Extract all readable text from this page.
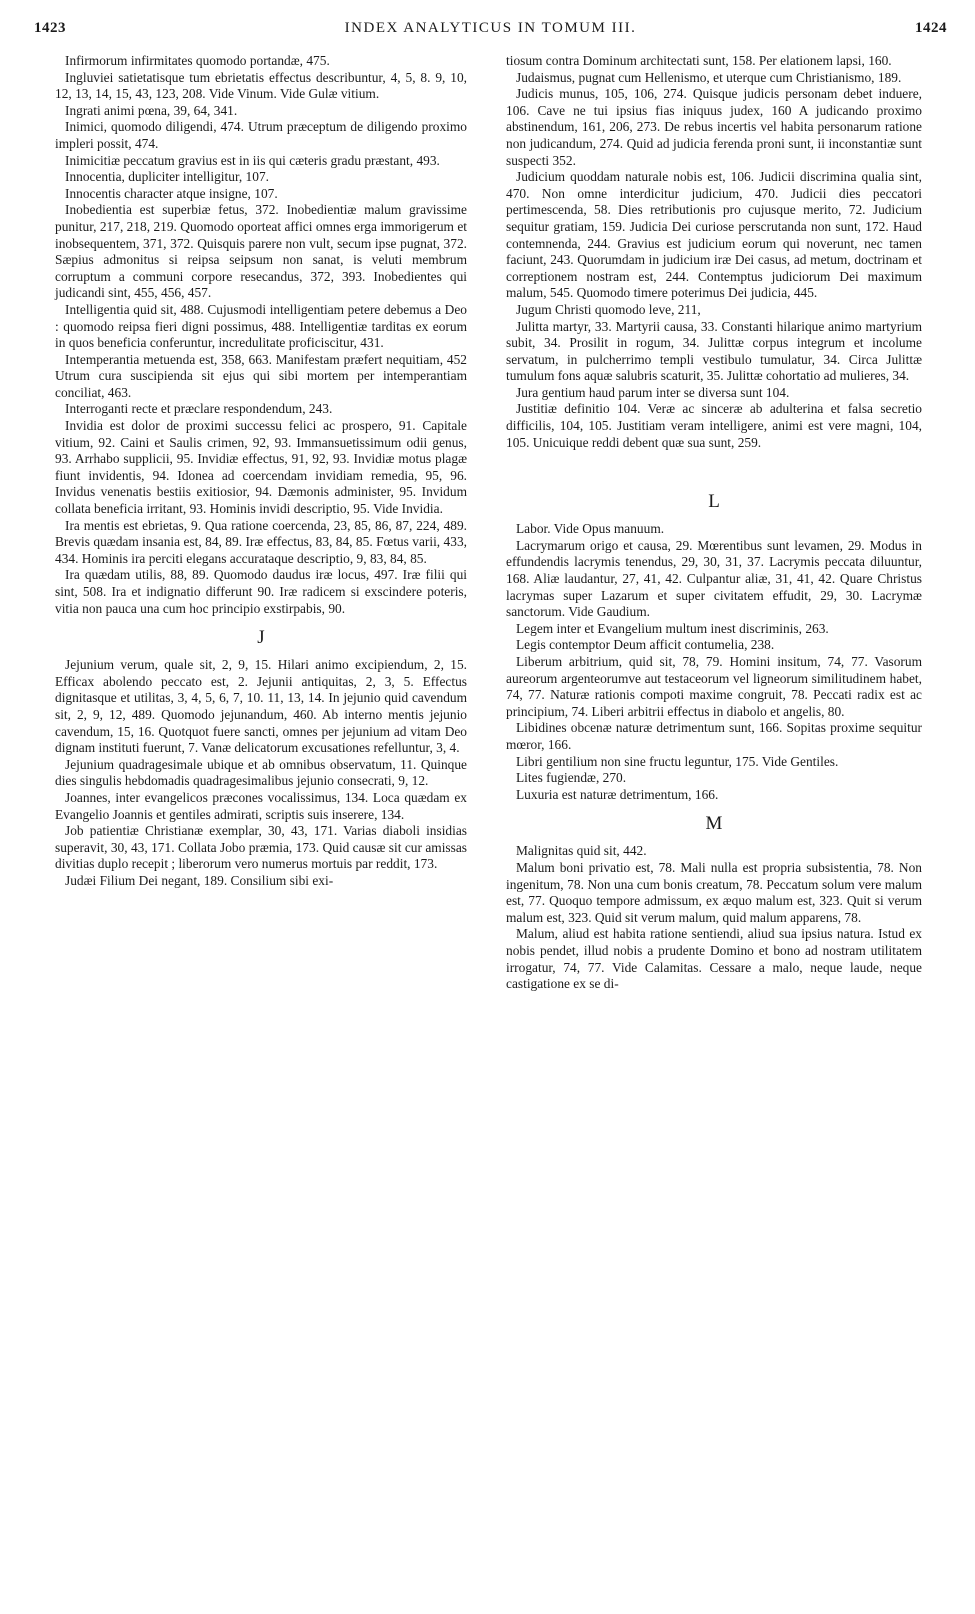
1423	INDEX ANALYTICUS IN TOMUM III.	1424

Infirmorum infirmitates quomodo portandæ, 475.

Ingluviei satietatisque tum ebrietatis effectus describuntur, 4, 5, 8. 9, 10, 12, 13, 14, 15, 43, 123, 208. Vide Vinum. Vide Gulæ vitium.

Ingrati animi pœna, 39, 64, 341.

Inimici, quomodo diligendi, 474. Utrum præceptum de diligendo proximo impleri possit, 474.

Inimicitiæ peccatum gravius est in iis qui cæteris gradu præstant, 493.

Innocentia, dupliciter intelligitur, 107.

Innocentis character atque insigne, 107.

Inobedientia est superbiæ fetus, 372. Inobedientiæ malum gravissime punitur, 217, 218, 219. Quomodo oporteat affici omnes erga immorigerum et inobsequentem, 371, 372. Quisquis parere non vult, secum ipse pugnat, 372. Sæpius admonitus si reipsa seipsum non sanat, is veluti membrum corruptum a communi corpore resecandus, 372, 393. Inobedientes qui judicandi sint, 455, 456, 457.

Intelligentia quid sit, 488. Cujusmodi intelligentiam petere debemus a Deo : quomodo reipsa fieri digni possimus, 488. Intelligentiæ tarditas ex eorum in quos beneficia conferuntur, incredulitate proficiscitur, 431.

Intemperantia metuenda est, 358, 663. Manifestam præfert nequitiam, 452 Utrum cura suscipienda sit ejus qui sibi mortem per intemperantiam conciliat, 463.

Interroganti recte et præclare respondendum, 243.

Invidia est dolor de proximi successu felici ac prospero, 91. Capitale vitium, 92. Caini et Saulis crimen, 92, 93. Immansuetissimum odii genus, 93. Arrhabo supplicii, 95. Invidiæ effectus, 91, 92, 93. Invidiæ motus plagæ fiunt invidentis, 94. Idonea ad coercendam invidiam remedia, 95, 96. Invidus venenatis bestiis exitiosior, 94. Dæmonis administer, 95. Invidum collata beneficia irritant, 93. Hominis invidi descriptio, 95. Vide Invidia.

Ira mentis est ebrietas, 9. Qua ratione coercenda, 23, 85, 86, 87, 224, 489. Brevis quædam insania est, 84, 89. Iræ effectus, 83, 84, 85. Fœtus varii, 433, 434. Hominis ira perciti elegans accurataque descriptio, 9, 83, 84, 85.

Ira quædam utilis, 88, 89. Quomodo daudus iræ locus, 497. Iræ filii qui sint, 508. Ira et indignatio differunt 90. Iræ radicem si exscindere poteris, vitia non pauca una cum hoc principio exstirpabis, 90.

J

Jejunium verum, quale sit, 2, 9, 15. Hilari animo excipiendum, 2, 15. Efficax abolendo peccato est, 2. Jejunii antiquitas, 2, 3, 5. Effectus dignitasque et utilitas, 3, 4, 5, 6, 7, 10. 11, 13, 14. In jejunio quid cavendum sit, 2, 9, 12, 489. Quomodo jejunandum, 460. Ab interno mentis jejunio cavendum, 15, 16. Quotquot fuere sancti, omnes per jejunium ad vitam Deo dignam instituti fuerunt, 7. Vanæ delicatorum excusationes refelluntur, 3, 4.

Jejunium quadragesimale ubique et ab omnibus observatum, 11. Quinque dies singulis hebdomadis quadragesimalibus jejunio consecrati, 9, 12.

Joannes, inter evangelicos præcones vocalissimus, 134. Loca quædam ex Evangelio Joannis et gentiles admirati, scriptis suis inserere, 134.

Job patientiæ Christianæ exemplar, 30, 43, 171. Varias diaboli insidias superavit, 30, 43, 171. Collata Jobo præmia, 173. Quid causæ sit cur amissas divitias duplo recepit ; liberorum vero numerus mortuis par reddit, 173.

Judæi Filium Dei negant, 189. Consilium sibi exi-

tiosum contra Dominum architectati sunt, 158. Per elationem lapsi, 160.

Judaismus, pugnat cum Hellenismo, et uterque cum Christianismo, 189.

Judicis munus, 105, 106, 274. Quisque judicis personam debet induere, 106. Cave ne tui ipsius fias iniquus judex, 160 A judicando proximo abstinendum, 161, 206, 273. De rebus incertis vel habita personarum ratione non judicandum, 274. Quid ad judicia ferenda proni sunt, ii inconstantiæ sunt suspecti 352.

Judicium quoddam naturale nobis est, 106. Judicii discrimina qualia sint, 470. Non omne interdicitur judicium, 470. Judicii dies peccatori pertimescenda, 58. Dies retributionis pro cujusque merito, 72. Judicium sequitur gratiam, 159. Judicia Dei curiose perscrutanda non sunt, 172. Haud contemnenda, 244. Gravius est judicium eorum qui noverunt, nec tamen faciunt, 243. Quorumdam in judicium iræ Dei casus, ad metum, doctrinam et correptionem nostram est, 244. Contemptus judiciorum Dei maximum malum, 545. Quomodo timere poterimus Dei judicia, 445.

Jugum Christi quomodo leve, 211,

Julitta martyr, 33. Martyrii causa, 33. Constanti hilarique animo martyrium subit, 34. Prosilit in rogum, 34. Julittæ corpus integrum et incolume servatum, in pulcherrimo templi vestibulo tumulatur, 34. Circa Julittæ tumulum fons aquæ salubris scaturit, 35. Julittæ cohortatio ad mulieres, 34.

Jura gentium haud parum inter se diversa sunt 104.

Justitiæ definitio 104. Veræ ac sinceræ ab adulterina et falsa secretio difficilis, 104, 105. Justitiam veram intelligere, animi est vere magni, 104, 105. Unicuique reddi debent quæ sua sunt, 259.

L

Labor. Vide Opus manuum.

Lacrymarum origo et causa, 29. Mœrentibus sunt levamen, 29. Modus in effundendis lacrymis tenendus, 29, 30, 31, 37. Lacrymis peccata diluuntur, 168. Aliæ laudantur, 27, 41, 42. Culpantur aliæ, 31, 41, 42. Quare Christus lacrymas super Lazarum et super civitatem effudit, 29, 30. Lacrymæ sanctorum. Vide Gaudium.

Legem inter et Evangelium multum inest discriminis, 263.

Legis contemptor Deum afficit contumelia, 238.

Liberum arbitrium, quid sit, 78, 79. Homini insitum, 74, 77. Vasorum aureorum argenteorumve aut testaceorum vel ligneorum similitudinem habet, 74, 77. Naturæ rationis compoti maxime congruit, 78. Peccati radix est ac principium, 74. Liberi arbitrii effectus in diabolo et angelis, 80.

Libidines obcenæ naturæ detrimentum sunt, 166. Sopitas proxime sequitur mœror, 166.

Libri gentilium non sine fructu leguntur, 175. Vide Gentiles.

Lites fugiendæ, 270.

Luxuria est naturæ detrimentum, 166.

M

Malignitas quid sit, 442.

Malum boni privatio est, 78. Mali nulla est propria subsistentia, 78. Non ingenitum, 78. Non una cum bonis creatum, 78. Peccatum solum vere malum est, 77. Quoquo tempore admissum, ex æquo malum est, 323. Quit si verum malum est, 323. Quid sit verum malum, quid malum apparens, 78.

Malum, aliud est habita ratione sentiendi, aliud sua ipsius natura. Istud ex nobis pendet, illud nobis a prudente Domino et bono ad nostram utilitatem irrogatur, 74, 77. Vide Calamitas. Cessare a malo, neque laude, neque castigatione ex se di-
